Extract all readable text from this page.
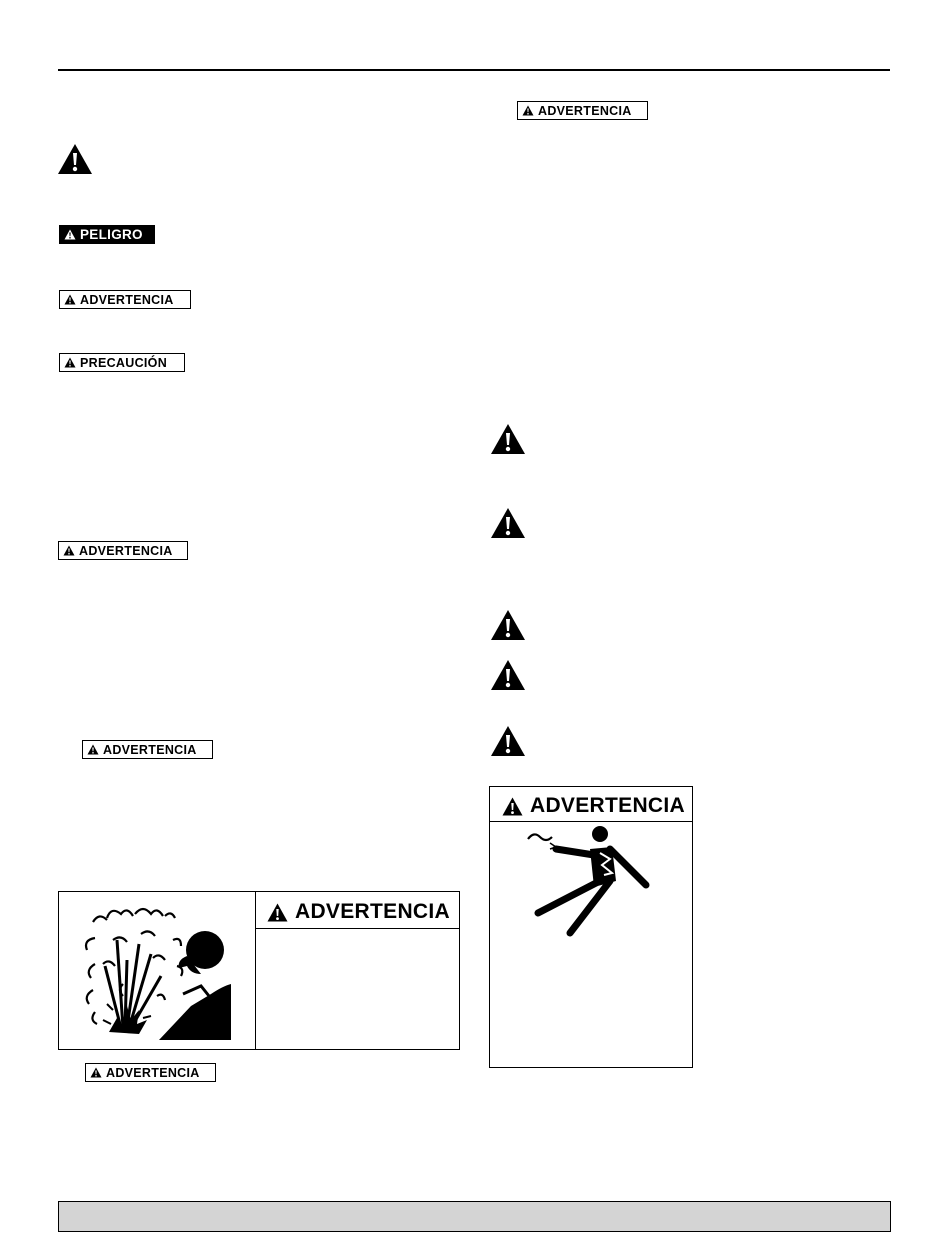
PELIGRO
ADVERTENCIA
PRECAUCIÓN
ADVERTENCIA
ADVERTENCIA
ADVERTENCIA
ADVERTENCIA
ADVERTENCIA
ADVERTENCIA
